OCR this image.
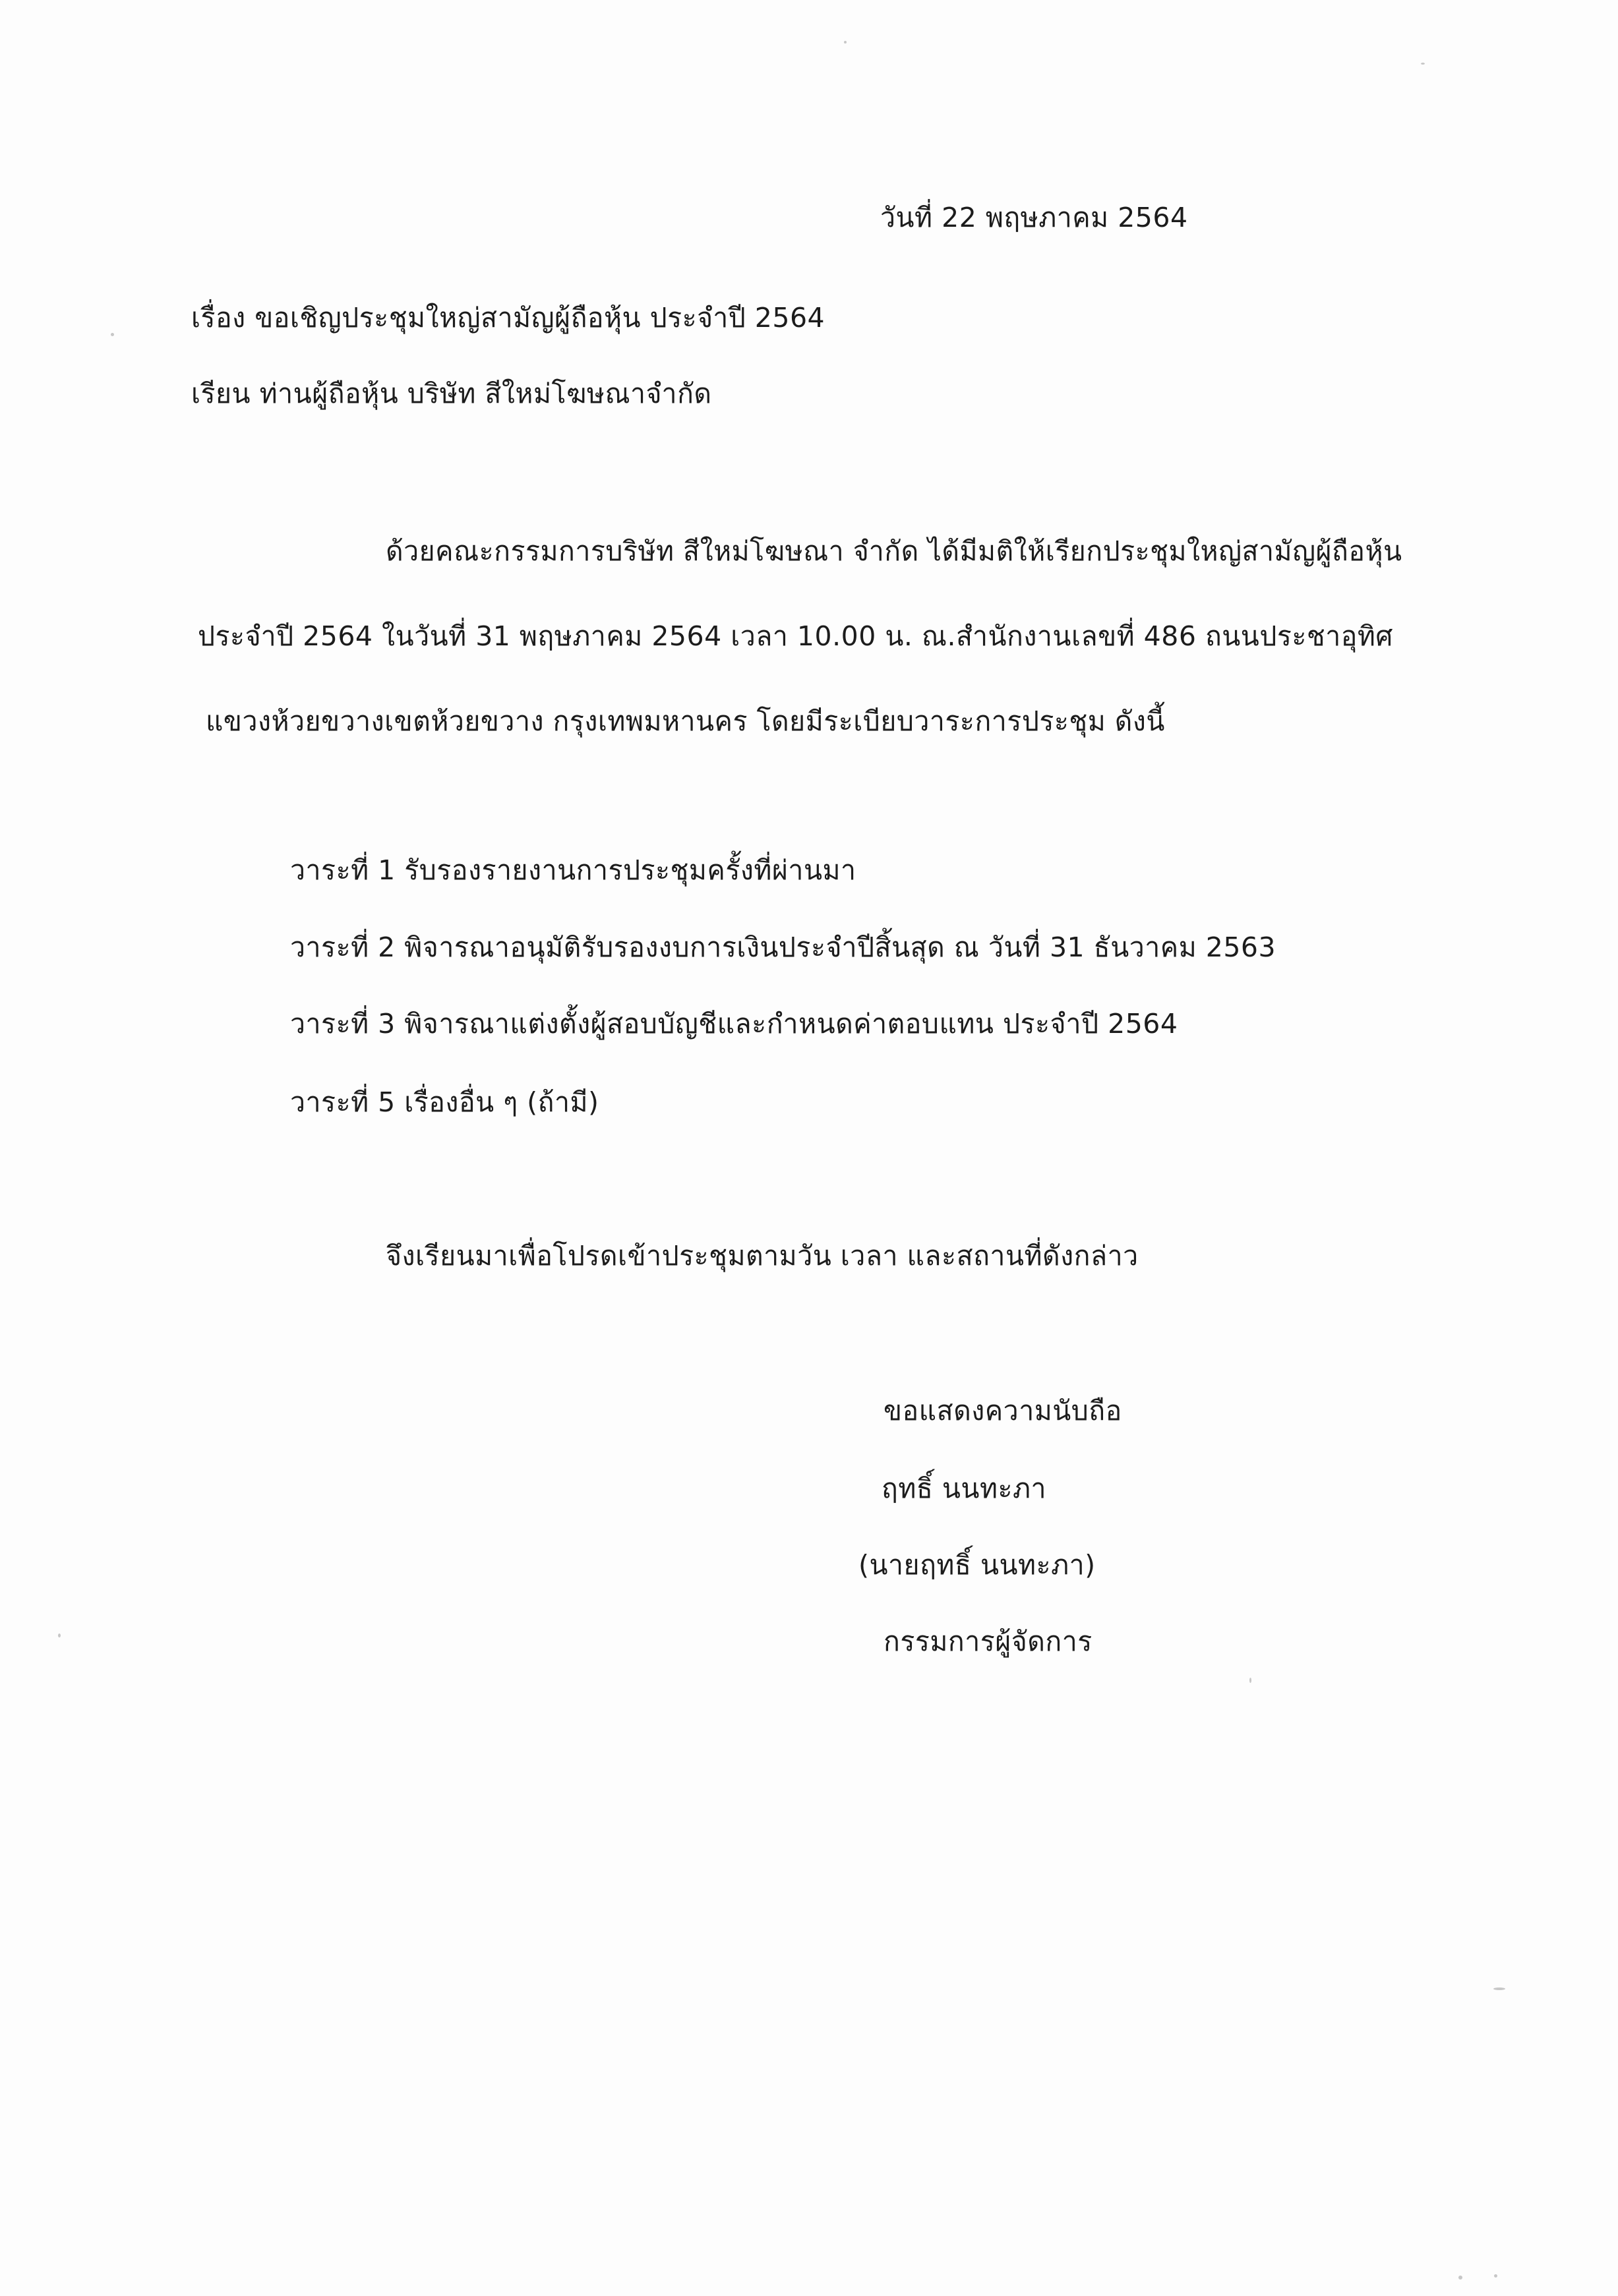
วันที่ 22 พฤษภาคม 2564
เรื่อง ขอเชิญประชุมใหญ่สามัญผู้ถือหุ้น ประจำปี 2564
เรียน ท่านผู้ถือหุ้น บริษัท สีใหม่โฆษณาจำกัด
ด้วยคณะกรรมการบริษัท สีใหม่โฆษณา จำกัด ได้มีมติให้เรียกประชุมใหญ่สามัญผู้ถือหุ้น
ประจำปี 2564 ในวันที่ 31 พฤษภาคม 2564 เวลา 10.00 น. ณ.สำนักงานเลขที่ 486 ถนนประชาอุทิศ
แขวงห้วยขวางเขตห้วยขวาง กรุงเทพมหานคร โดยมีระเบียบวาระการประชุม ดังนี้
วาระที่ 1 รับรองรายงานการประชุมครั้งที่ผ่านมา
วาระที่ 2 พิจารณาอนุมัติรับรองงบการเงินประจำปีสิ้นสุด ณ วันที่ 31 ธันวาคม 2563
วาระที่ 3 พิจารณาแต่งตั้งผู้สอบบัญชีและกำหนดค่าตอบแทน ประจำปี 2564
วาระที่ 5 เรื่องอื่น ๆ (ถ้ามี)
จึงเรียนมาเพื่อโปรดเข้าประชุมตามวัน เวลา และสถานที่ดังกล่าว
ขอแสดงความนับถือ
ฤทธิ์ นนทะภา
(นายฤทธิ์ นนทะภา)
กรรมการผู้จัดการ
